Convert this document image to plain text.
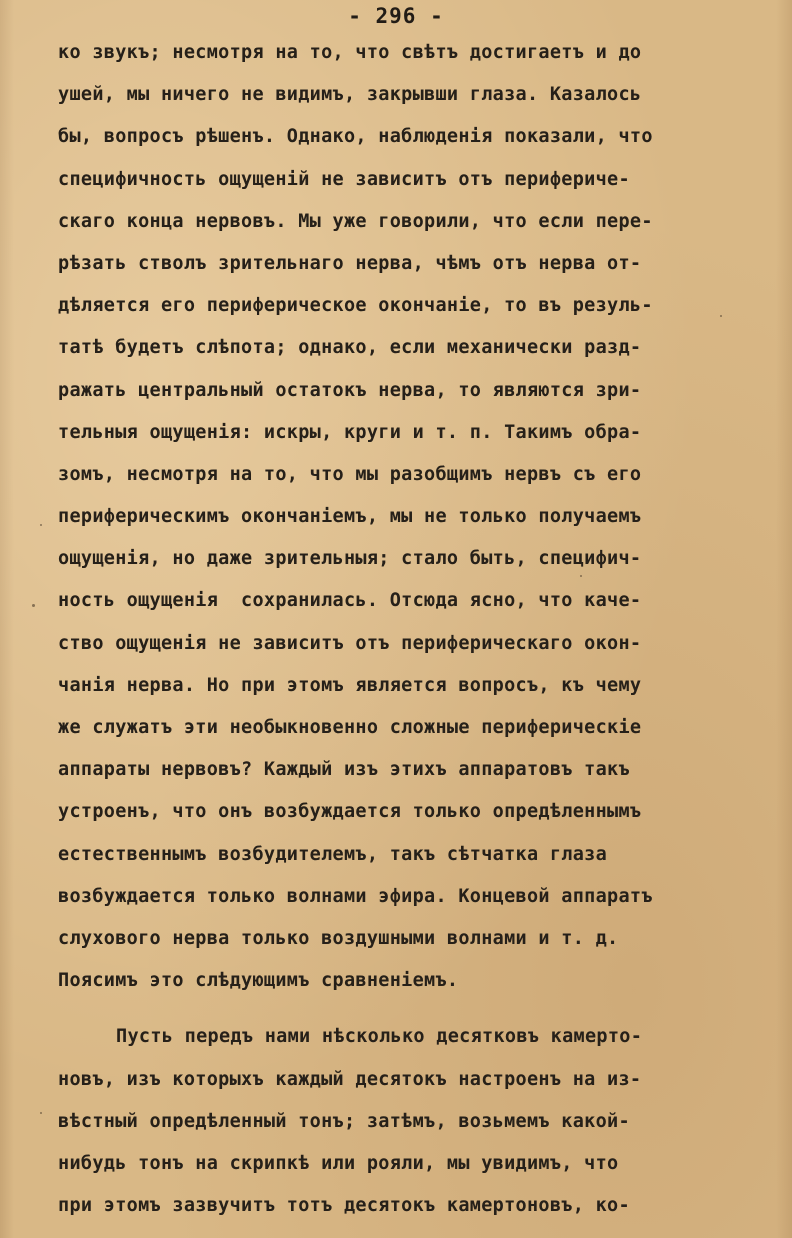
- 296 -
ко звукъ; несмотря на то, что свѣтъ достигаетъ и до
ушей, мы ничего не видимъ, закрывши глаза. Казалось
бы, вопросъ рѣшенъ. Однако, наблюденія показали, что
специфичность ощущенiй не зависитъ отъ перифериче-
скаго конца нервовъ. Мы уже говорили, что если пере-
рѣзать стволъ зрительнаго нерва, чѣмъ отъ нерва от-
дѣляется его периферическое окончаніе, то въ резуль-
татѣ будетъ слѣпота; однако, если механически разд-
ражать центральный остатокъ нерва, то являются зри-
тельныя ощущенія: искры, круги и т. п. Такимъ обра-
зомъ, несмотря на то, что мы разобщимъ нервъ съ его
периферическимъ окончаніемъ, мы не только получаемъ
ощущенія, но даже зрительныя; стало быть, специфич-
ность ощущенія  сохранилась. Отсюда ясно, что каче-
ство ощущенія не зависитъ отъ периферическаго окон-
чанія нерва. Но при этомъ является вопросъ, къ чему
же служатъ эти необыкновенно сложныe периферическiе
аппараты нервовъ? Каждый изъ этихъ аппаратовъ такъ
устроенъ, что онъ возбуждается только опредѣленнымъ
естественнымъ возбудителемъ, такъ сѣтчатка глаза
возбуждается только волнами эфира. Концевой аппаратъ
слухового нерва только воздушными волнами и т. д.
Поясимъ это слѣдующимъ сравненіемъ.
Пусть передъ нами нѣсколько десятковъ камерто-
новъ, изъ которыхъ каждый десятокъ настроенъ на из-
вѣстный опредѣленный тонъ; затѣмъ, возьмемъ какой-
нибудь тонъ на скрипкѣ или рояли, мы увидимъ, что
при этомъ зазвучитъ тотъ десятокъ камертоновъ, ко-
